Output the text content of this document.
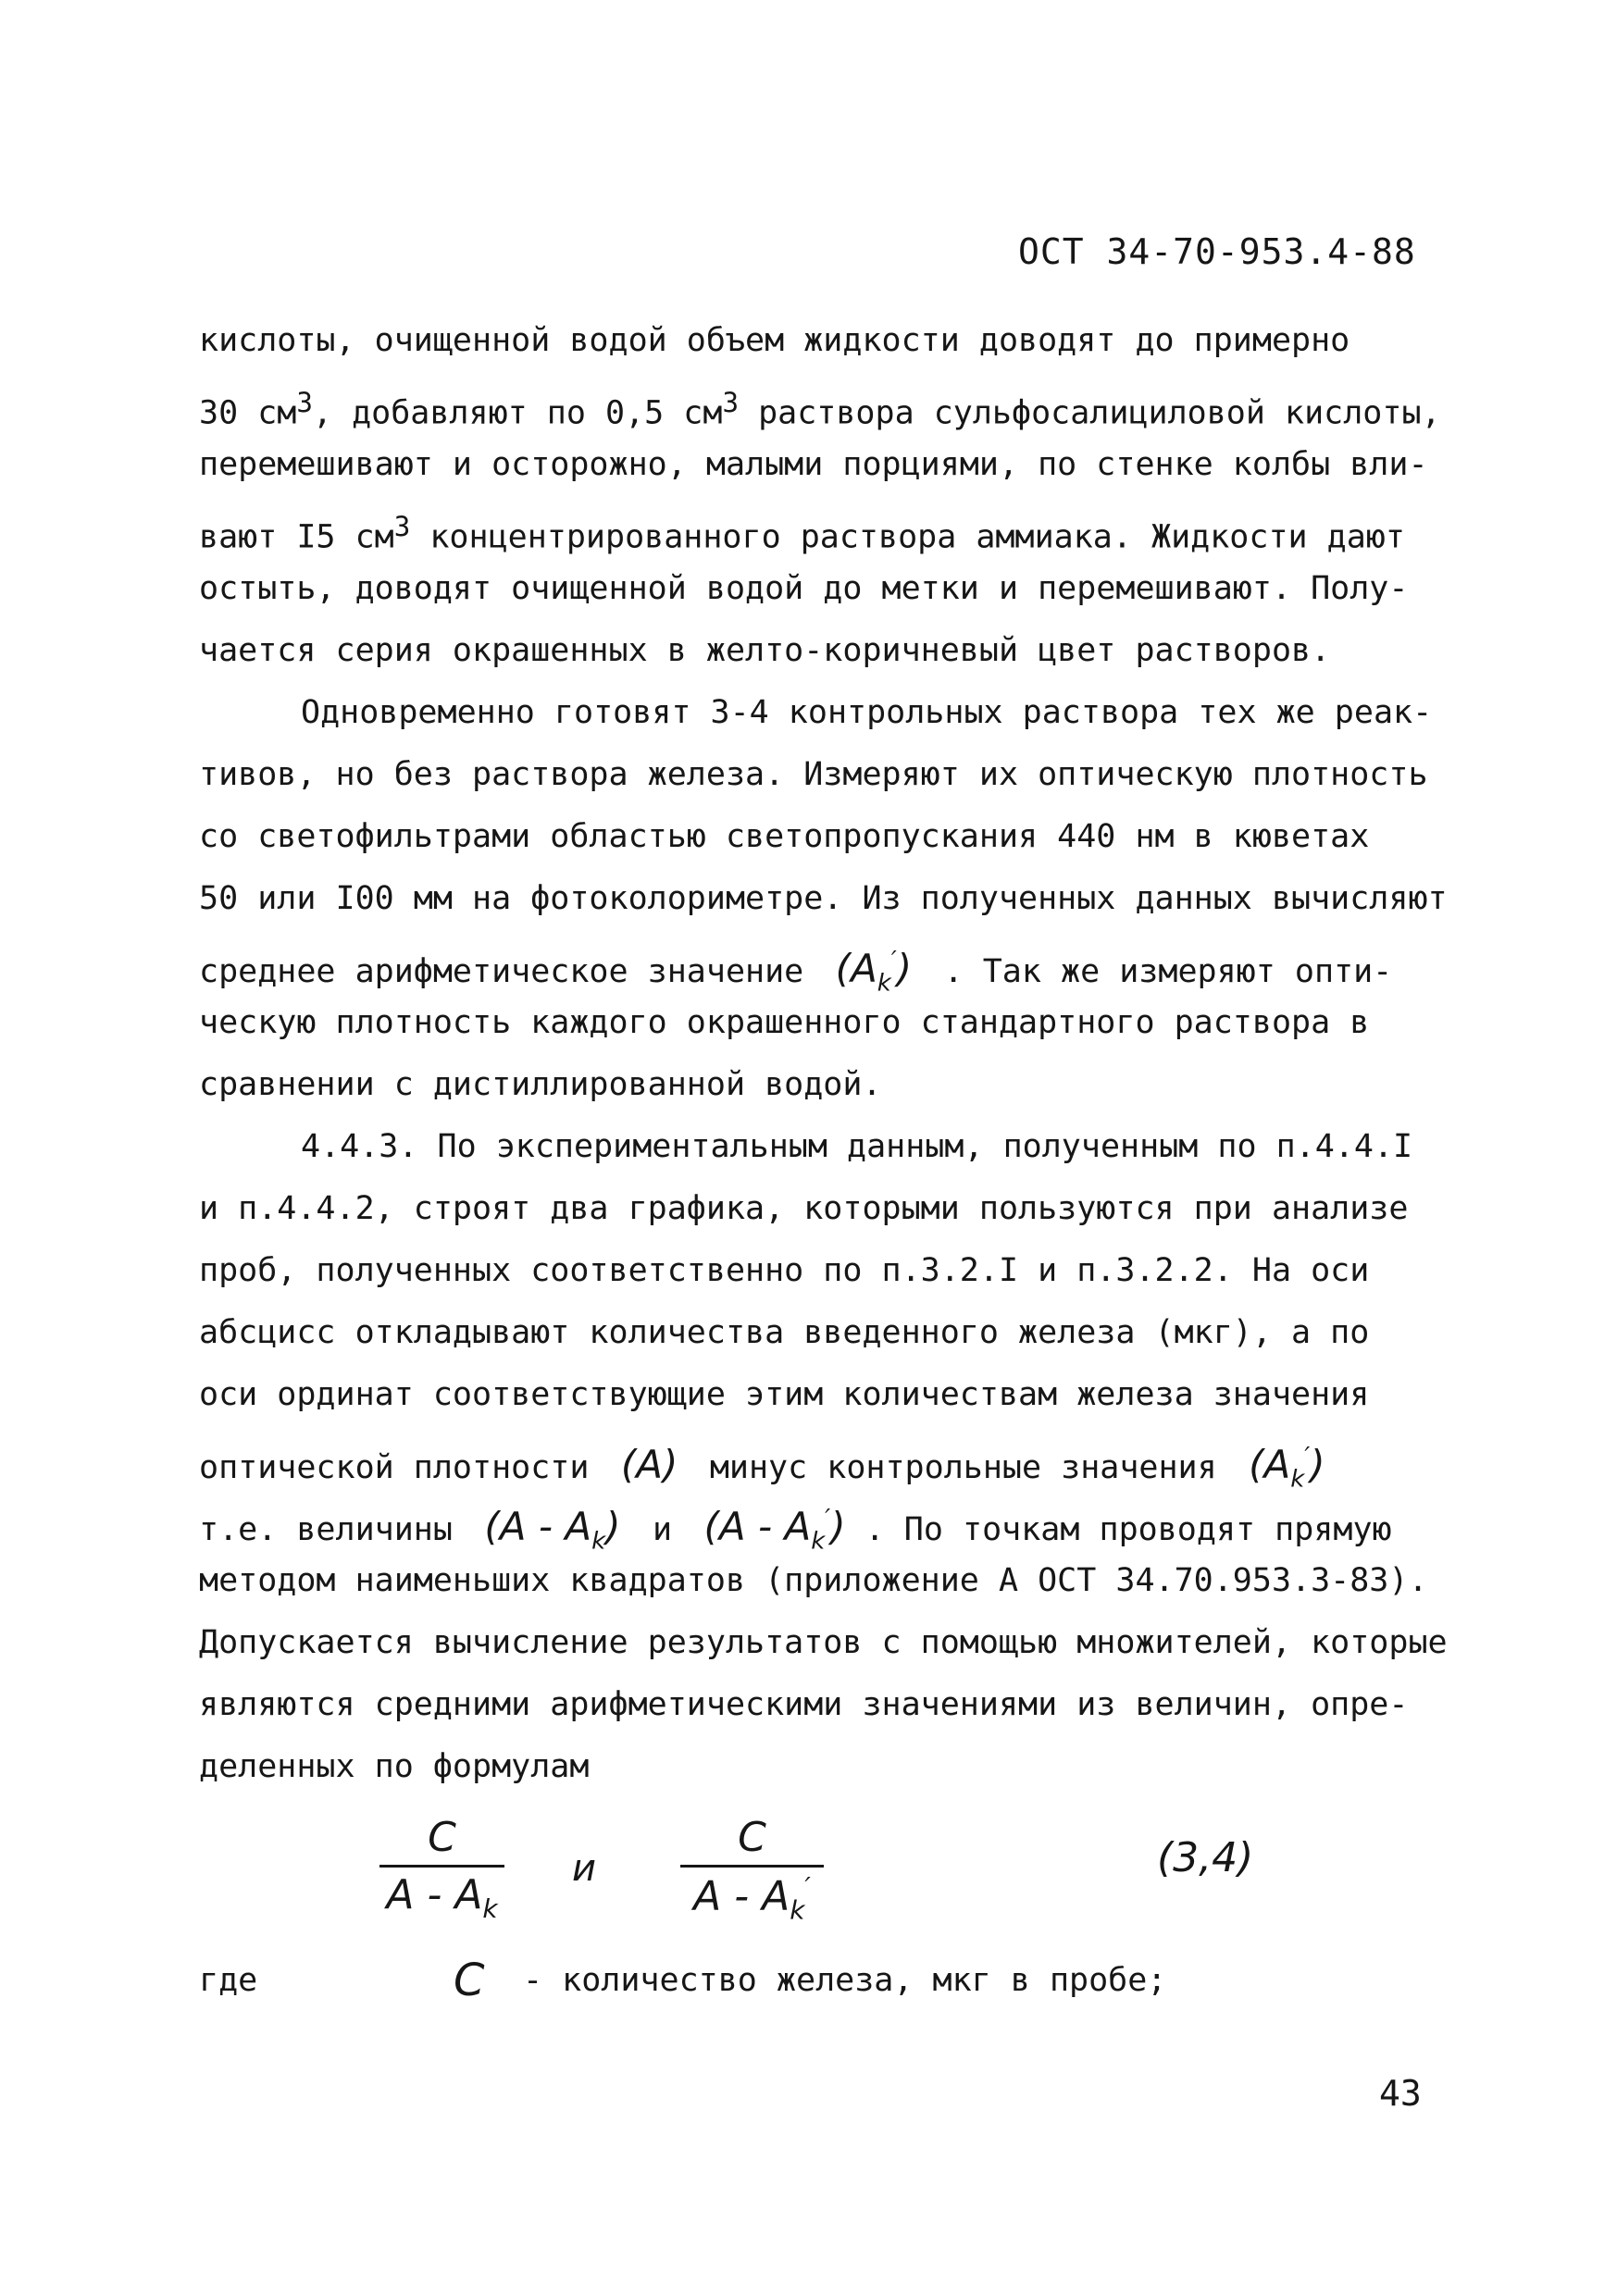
ОСТ 34-70-953.4-88
кислоты, очищенной водой объем жидкости доводят до примерно
30 $см^3$, добавляют по 0,5 $см^3$ раствора сульфосалициловой кислоты,
перемешивают и осторожно, малыми порциями, по стенке колбы вли-
вают I5 $см^3$ концентрированного раствора аммиака. Жидкости дают
остыть, доводят очищенной водой до метки и перемешивают. Полу-
чается серия окрашенных в желто-коричневый цвет растворов.
Одновременно готовят 3-4 контрольных раствора тех же реак-
тивов, но без раствора железа. Измеряют их оптическую плотность
со светофильтрами областью светопропускания 440 нм в кюветах
50 или I00 мм на фотоколориметре. Из полученных данных вычисляют
среднее арифметическое значение  $(A_k')$  . Так же измеряют опти-
ческую плотность каждого окрашенного стандартного раствора в
сравнении с дистиллированной водой.
4.4.3. По экспериментальным данным, полученным по п.4.4.I
и п.4.4.2, строят два графика, которыми пользуются при анализе
проб, полученных соответственно по п.3.2.I и п.3.2.2. На оси
абсцисс откладывают количества введенного железа (мкг), а по
оси ординат соответствующие этим количествам железа значения
оптической плотности  (A)  минус контрольные значения  $(A_k')$
т.е. величины  $(A - A_k)$  и  $(A - A_k')$ . По точкам проводят прямую
методом наименьших квадратов (приложение А ОСТ 34.70.953.3-83).
Допускается вычисление результатов с помощью множителей, которые
являются средними арифметическими значениями из величин, опре-
деленных по формулам
C
A - $A_k$
и
C
A - $A_k'$
(3,4)
где	C - количество железа, мкг в пробе;
43
